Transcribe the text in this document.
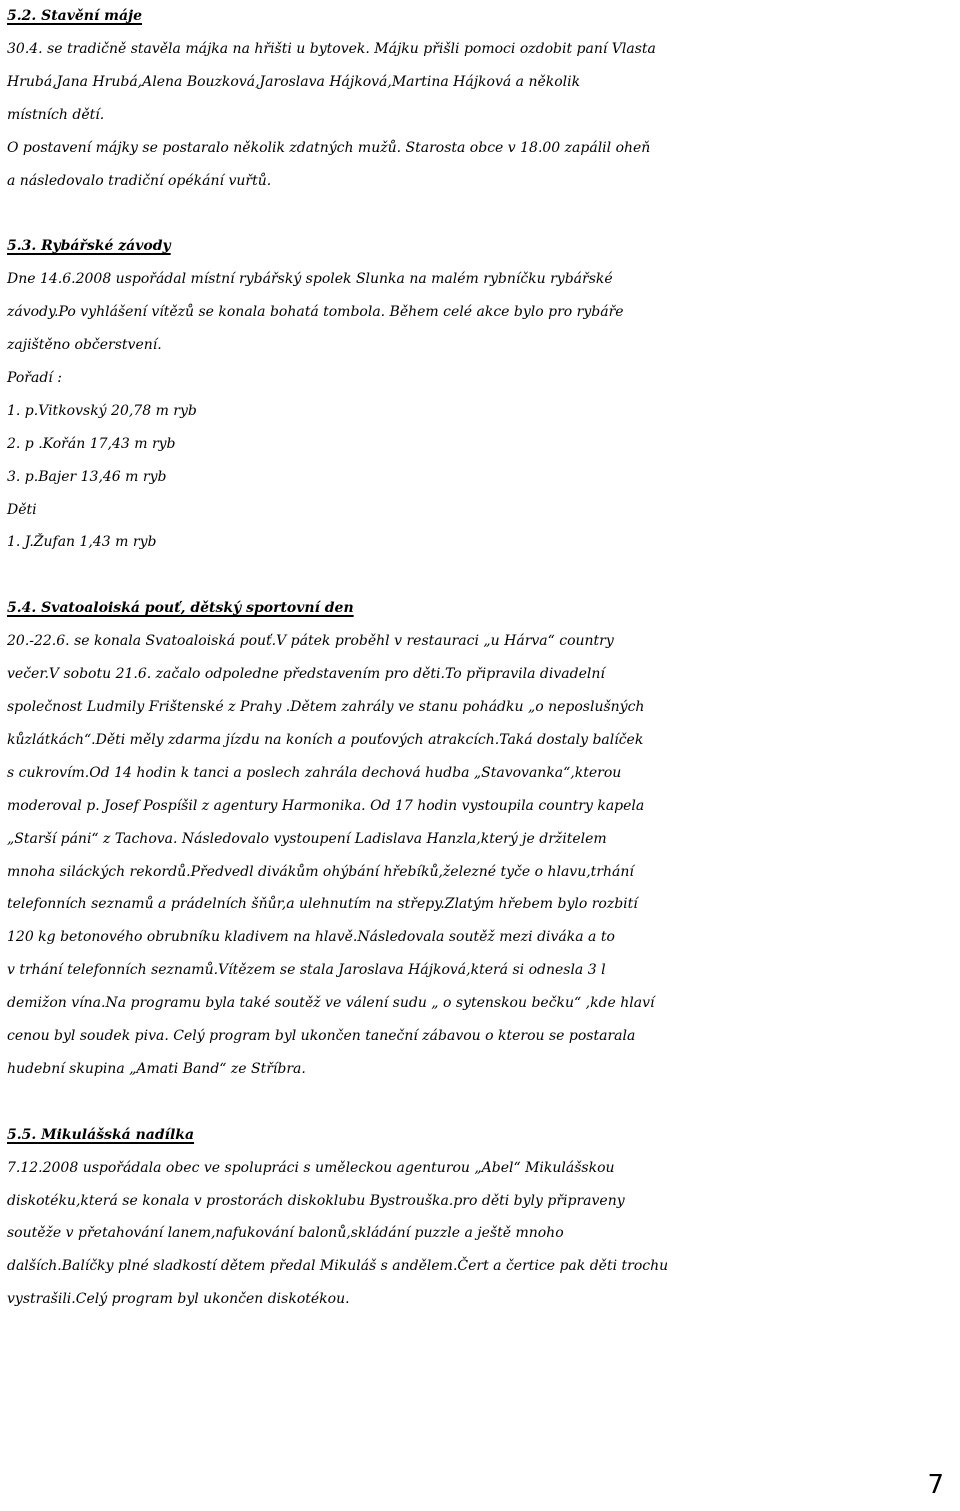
5.2. Stavění máje
30.4. se tradičně stavěla májka na hřišti u bytovek. Májku přišli pomoci ozdobit paní Vlasta
Hrubá,Jana Hrubá,Alena Bouzková,Jaroslava Hájková,Martina Hájková a několik
místních dětí.
O postavení májky se postaralo několik zdatných mužů. Starosta obce v 18.00 zapálil oheň
a následovalo tradiční opékání vuřtů.
5.3. Rybářské závody
Dne 14.6.2008 uspořádal místní rybářský spolek Slunka na malém rybníčku rybářské
závody.Po vyhlášení vítězů se konala bohatá tombola. Během celé akce bylo pro rybáře
zajištěno občerstvení.
Pořadí :
1. p.Vitkovský 20,78 m ryb
2. p .Kořán 17,43 m ryb
3. p.Bajer 13,46 m ryb
Děti
1. J.Žufan 1,43 m ryb
5.4. Svatoaloiská pouť, dětský sportovní den
20.-22.6. se konala Svatoaloiská pouť.V pátek proběhl v restauraci „u Hárva“ country
večer.V sobotu 21.6. začalo odpoledne představením pro děti.To připravila divadelní
společnost Ludmily Frištenské z Prahy .Dětem zahrály ve stanu pohádku „o neposlušných
kůzlátkách“.Děti měly zdarma jízdu na koních a pouťových atrakcích.Taká dostaly balíček
s cukrovím.Od 14 hodin k tanci a poslech zahrála dechová hudba „Stavovanka“,kterou
moderoval p. Josef Pospíšil z agentury Harmonika. Od 17 hodin vystoupila country kapela
„Starší páni“ z Tachova. Následovalo vystoupení Ladislava Hanzla,který je držitelem
mnoha siláckých rekordů.Předvedl divákům ohýbání hřebíků,železné tyče o hlavu,trhání
telefonních seznamů a prádelních šňůr,a ulehnutím na střepy.Zlatým hřebem bylo rozbití
120 kg betonového obrubníku kladivem na hlavě.Následovala soutěž mezi diváka a to
v trhání telefonních seznamů.Vítězem se stala Jaroslava Hájková,která si odnesla 3 l
demižon vína.Na programu byla také soutěž ve válení sudu „ o sytenskou bečku“ ,kde hlaví
cenou byl soudek piva. Celý program byl ukončen taneční zábavou o kterou se postarala
hudební skupina „Amati Band“ ze Stříbra.
5.5. Mikulášská nadílka
7.12.2008 uspořádala obec ve spolupráci s uměleckou agenturou „Abel“ Mikulášskou
diskotéku,která se konala v prostorách diskoklubu Bystrouška.pro děti byly připraveny
soutěže v přetahování lanem,nafukování balonů,skládání puzzle a ještě mnoho
dalších.Balíčky plné sladkostí dětem předal Mikuláš s andělem.Čert a čertice pak děti trochu
vystrašili.Celý program byl ukončen diskotékou.
7
